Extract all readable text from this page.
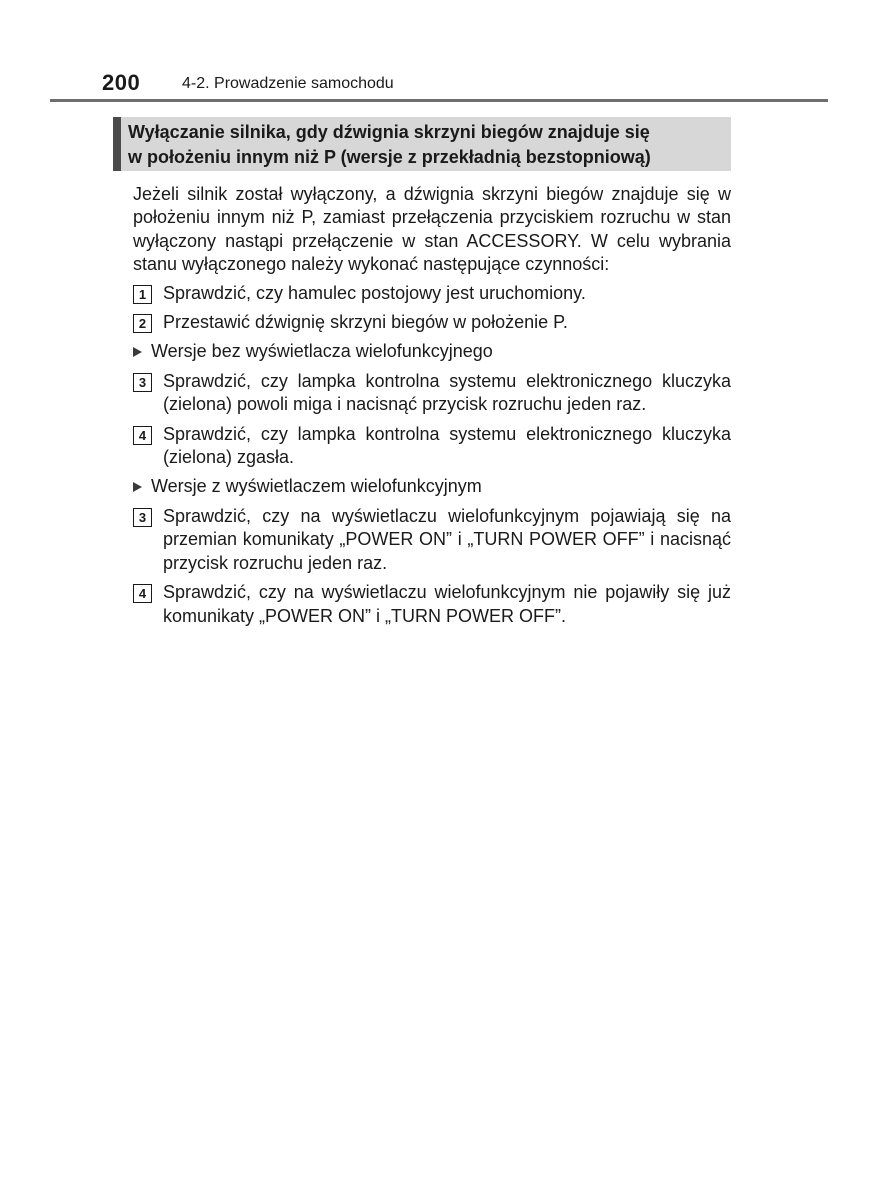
200	4-2. Prowadzenie samochodu
Wyłączanie silnika, gdy dźwignia skrzyni biegów znajduje się
w położeniu innym niż P (wersje z przekładnią bezstopniową)

Jeżeli silnik został wyłączony, a dźwignia skrzyni biegów znajduje się w położeniu innym niż P, zamiast przełączenia przyciskiem rozruchu w stan wyłączony nastąpi przełączenie w stan ACCESSORY. W celu wybrania stanu wyłączonego należy wykonać następujące czynności:

1 Sprawdzić, czy hamulec postojowy jest uruchomiony.
2 Przestawić dźwignię skrzyni biegów w położenie P.
Wersje bez wyświetlacza wielofunkcyjnego
3 Sprawdzić, czy lampka kontrolna systemu elektronicznego kluczyka (zielona) powoli miga i nacisnąć przycisk rozruchu jeden raz.
4 Sprawdzić, czy lampka kontrolna systemu elektronicznego kluczyka (zielona) zgasła.
Wersje z wyświetlaczem wielofunkcyjnym
3 Sprawdzić, czy na wyświetlaczu wielofunkcyjnym pojawiają się na przemian komunikaty „POWER ON” i „TURN POWER OFF” i nacisnąć przycisk rozruchu jeden raz.
4 Sprawdzić, czy na wyświetlaczu wielofunkcyjnym nie pojawiły się już komunikaty „POWER ON” i „TURN POWER OFF”.
